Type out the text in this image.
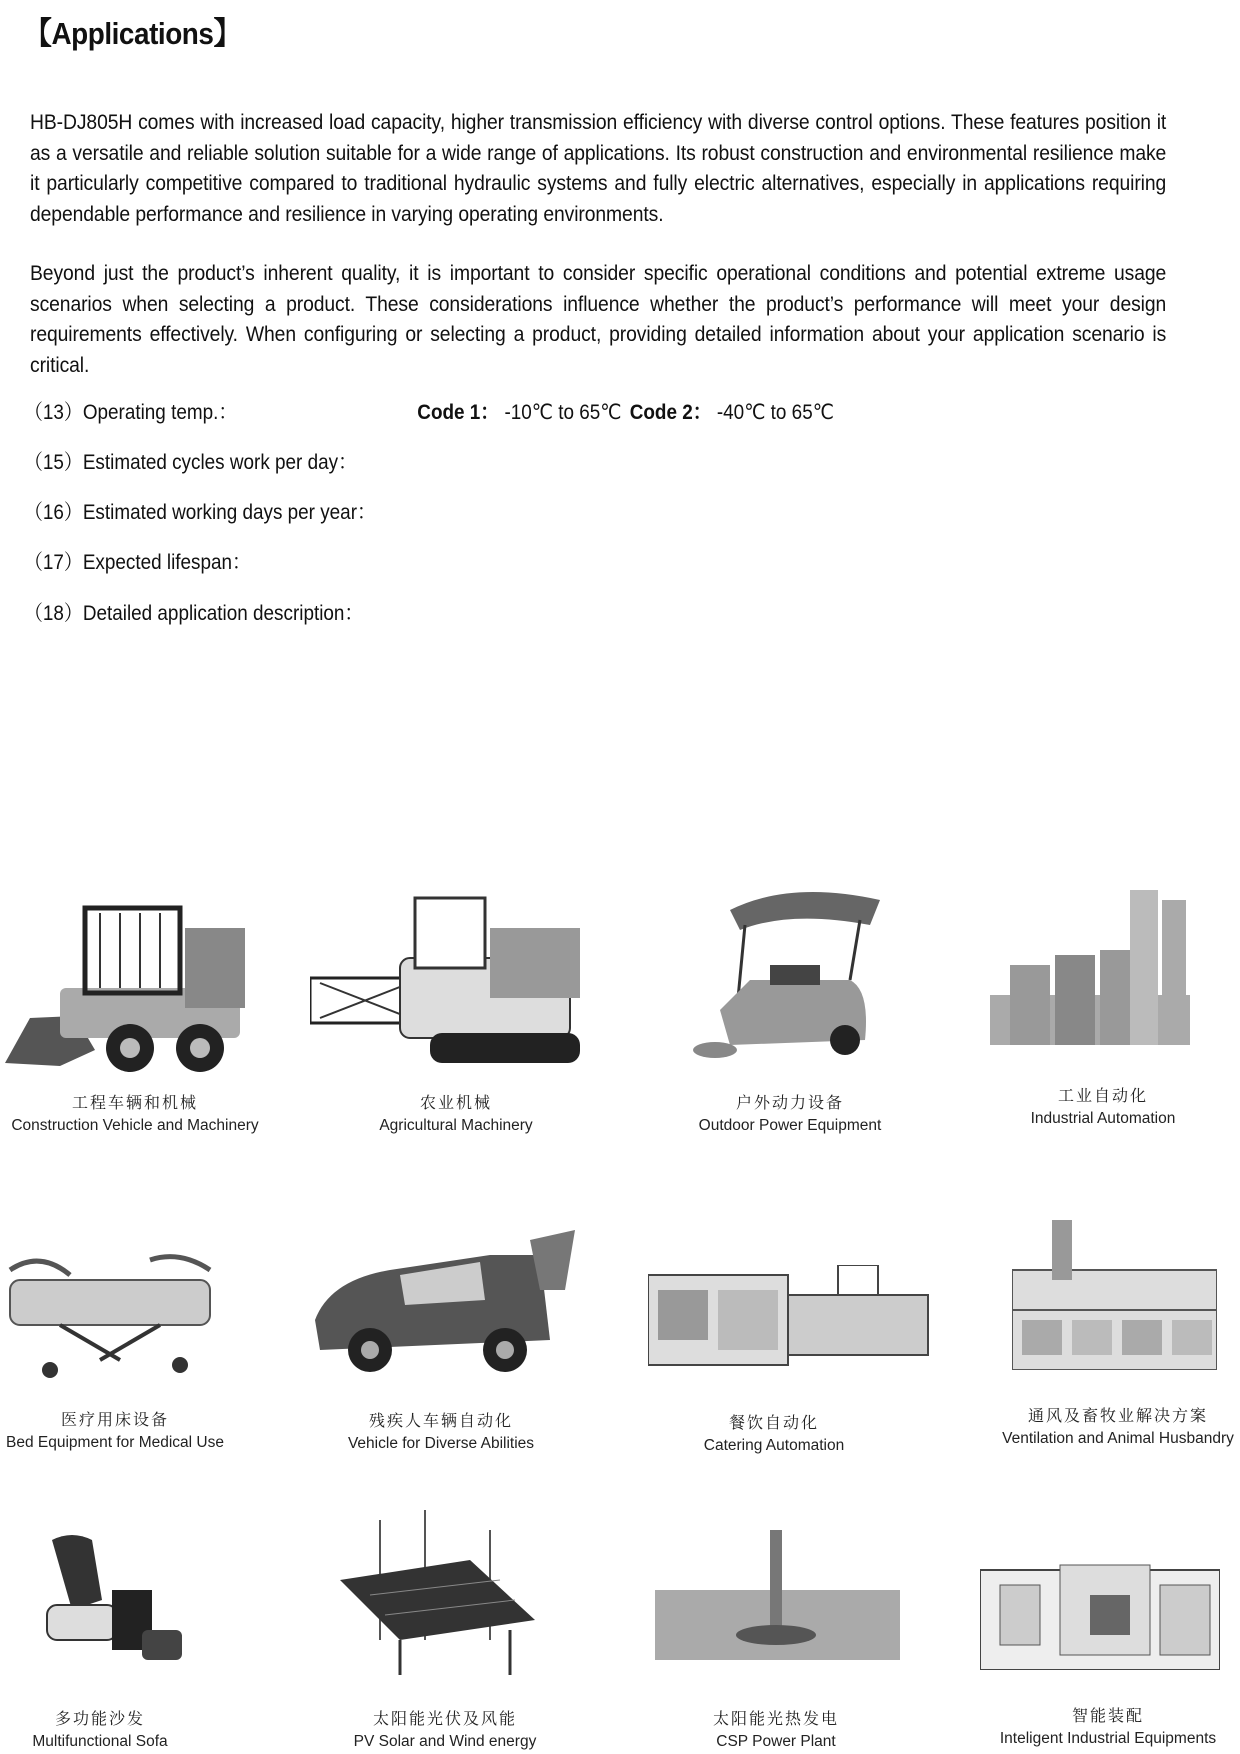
【Applications】
HB-DJ805H comes with increased load capacity, higher transmission efficiency with diverse control options. These features position it as a versatile and reliable solution suitable for a wide range of applications. Its robust construction and environmental resilience make it particularly competitive compared to traditional hydraulic systems and fully electric alternatives, especially in applications requiring dependable performance and resilience in varying operating environments.
Beyond just the product’s inherent quality, it is important to consider specific operational conditions and potential extreme usage scenarios when selecting a product. These considerations influence whether the product’s performance will meet your design requirements effectively. When configuring or selecting a product, providing detailed information about your application scenario is critical.
（13）Operating temp.：	Code 1： -10℃ to 65℃ Code 2： -40℃ to 65℃
（15）Estimated cycles work per day：
（16）Estimated working days per year：
（17）Expected lifespan：
（18）Detailed application description：
工程车辆和机械
Construction Vehicle and Machinery
农业机械
Agricultural Machinery
户外动力设备
Outdoor Power Equipment
工业自动化
Industrial Automation
医疗用床设备
Bed Equipment for Medical Use
残疾人车辆自动化
Vehicle for Diverse Abilities
餐饮自动化
Catering Automation
通风及畜牧业解决方案
Ventilation and Animal Husbandry
多功能沙发
Multifunctional Sofa
太阳能光伏及风能
PV Solar and Wind energy
太阳能光热发电
CSP Power Plant
智能装配
Inteligent Industrial Equipments
